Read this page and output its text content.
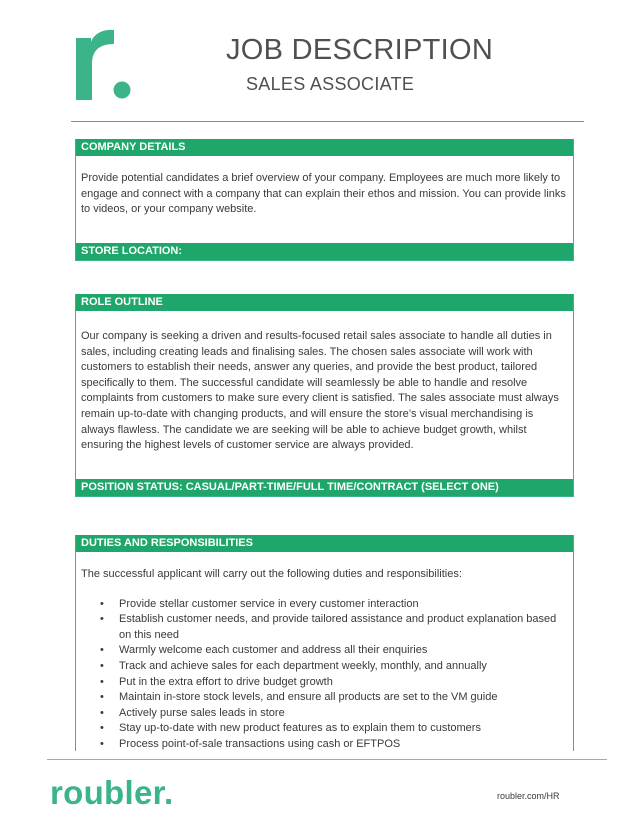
JOB DESCRIPTION
SALES ASSOCIATE
COMPANY DETAILS

Provide potential candidates a brief overview of your company. Employees are much more likely to engage and connect with a company that can explain their ethos and mission. You can provide links to videos, or your company website.

STORE LOCATION:
ROLE OUTLINE

Our company is seeking a driven and results-focused retail sales associate to handle all duties in sales, including creating leads and finalising sales. The chosen sales associate will work with customers to establish their needs, answer any queries, and provide the best product, tailored specifically to them. The successful candidate will seamlessly be able to handle and resolve complaints from customers to make sure every client is satisfied. The sales associate must always remain up-to-date with changing products, and will ensure the store’s visual merchandising is always flawless. The candidate we are seeking will be able to achieve budget growth, whilst ensuring the highest levels of customer service are always provided.

POSITION STATUS: CASUAL/PART-TIME/FULL TIME/CONTRACT (SELECT ONE)
DUTIES AND RESPONSIBILITIES

The successful applicant will carry out the following duties and responsibilities:

• Provide stellar customer service in every customer interaction
• Establish customer needs, and provide tailored assistance and product explanation based on this need
• Warmly welcome each customer and address all their enquiries
• Track and achieve sales for each department weekly, monthly, and annually
• Put in the extra effort to drive budget growth
• Maintain in-store stock levels, and ensure all products are set to the VM guide
• Actively purse sales leads in store
• Stay up-to-date with new product features as to explain them to customers
• Process point-of-sale transactions using cash or EFTPOS
roubler.	roubler.com/HR
